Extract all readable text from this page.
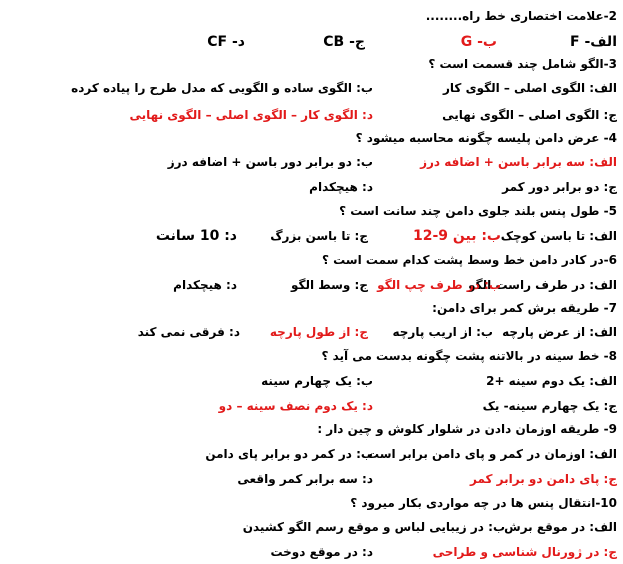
2-علامت اختصاری خط راه........
الف- F
ب- G
ج- CB
د- CF
3-الگو شامل چند قسمت است ؟
الف: الگوی اصلی – الگوی کار
ب: الگوی ساده و الگویی که مدل طرح را پیاده کرده
ج: الگوی اصلی – الگوی نهایی
د: الگوی کار – الگوی اصلی – الگوی نهایی
4- عرض دامن پلیسه چگونه محاسبه میشود ؟
الف: سه برابر باسن + اضافه درز
ب: دو برابر دور باسن + اضافه درز
ج: دو برابر دور کمر
د: هیچکدام
5- طول پنس بلند جلوی دامن چند سانت است ؟
الف: تا باسن کوچک
ب: بین 9-12
ج: تا باسن بزرگ
د: 10 سانت
6-در کادر دامن خط وسط پشت کدام سمت است ؟
الف: در طرف راست الگو
ب: در طرف چپ الگو
ج: وسط الگو
د: هیچکدام
7- طریقه برش کمر برای دامن:
الف: از عرض پارچه
ب: از اریب پارچه
ج: از طول پارچه
د: فرقی نمی کند
8- خط سینه در بالاتنه پشت چگونه بدست می آید ؟
الف: یک دوم سینه +2
ب: یک چهارم سینه
ج: یک چهارم سینه- یک
د: یک دوم نصف سینه – دو
9- طریقه اوزمان دادن در شلوار کلوش و چین دار :
الف: اوزمان در کمر و پای دامن برابر است
ب: در کمر دو برابر پای دامن
ج: پای دامن دو برابر کمر
د: سه برابر کمر واقعی
10-انتقال پنس ها در چه مواردی بکار میرود ؟
الف: در موقع برش
ب: در زیبایی لباس و موقع رسم الگو کشیدن
ج: در ژورنال شناسی و طراحی
د: در موقع دوخت
